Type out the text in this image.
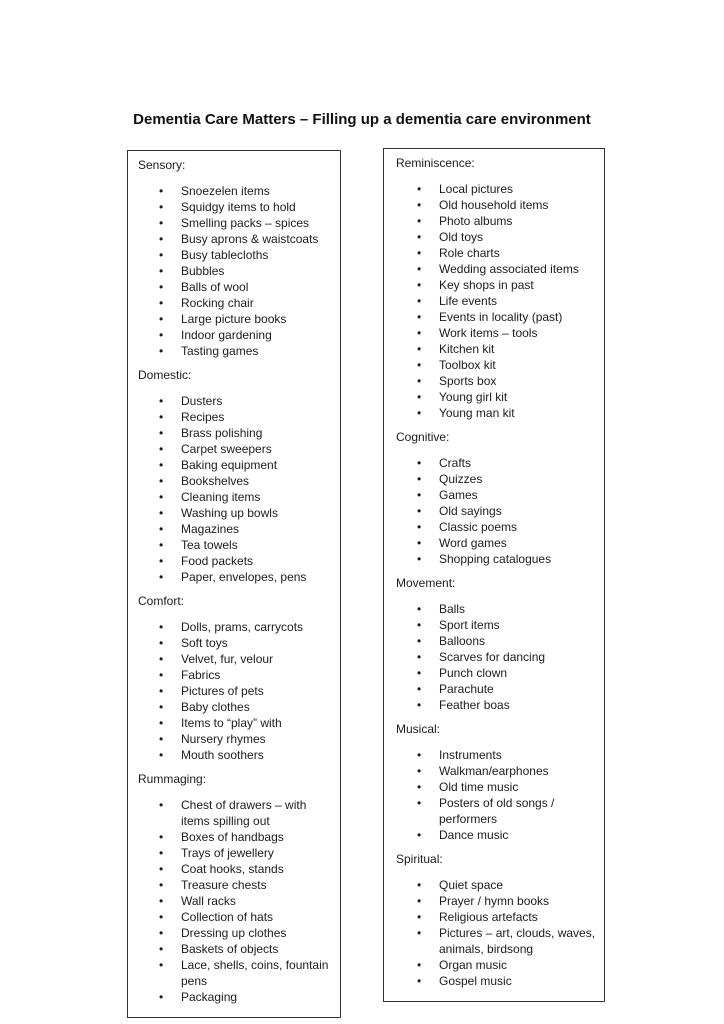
Dementia Care Matters – Filling up a dementia care environment
Sensory:
• Snoezelen items
• Squidgy items to hold
• Smelling packs – spices
• Busy aprons & waistcoats
• Busy tablecloths
• Bubbles
• Balls of wool
• Rocking chair
• Large picture books
• Indoor gardening
• Tasting games
Domestic:
• Dusters
• Recipes
• Brass polishing
• Carpet sweepers
• Baking equipment
• Bookshelves
• Cleaning items
• Washing up bowls
• Magazines
• Tea towels
• Food packets
• Paper, envelopes, pens
Comfort:
• Dolls, prams, carrycots
• Soft toys
• Velvet, fur, velour
• Fabrics
• Pictures of pets
• Baby clothes
• Items to “play” with
• Nursery rhymes
• Mouth soothers
Rummaging:
• Chest of drawers – with items spilling out
• Boxes of handbags
• Trays of jewellery
• Coat hooks, stands
• Treasure chests
• Wall racks
• Collection of hats
• Dressing up clothes
• Baskets of objects
• Lace, shells, coins, fountain pens
• Packaging
Reminiscence:
• Local pictures
• Old household items
• Photo albums
• Old toys
• Role charts
• Wedding associated items
• Key shops in past
• Life events
• Events in locality (past)
• Work items – tools
• Kitchen kit
• Toolbox kit
• Sports box
• Young girl kit
• Young man kit
Cognitive:
• Crafts
• Quizzes
• Games
• Old sayings
• Classic poems
• Word games
• Shopping catalogues
Movement:
• Balls
• Sport items
• Balloons
• Scarves for dancing
• Punch clown
• Parachute
• Feather boas
Musical:
• Instruments
• Walkman/earphones
• Old time music
• Posters of old songs / performers
• Dance music
Spiritual:
• Quiet space
• Prayer / hymn books
• Religious artefacts
• Pictures – art, clouds, waves, animals, birdsong
• Organ music
• Gospel music
